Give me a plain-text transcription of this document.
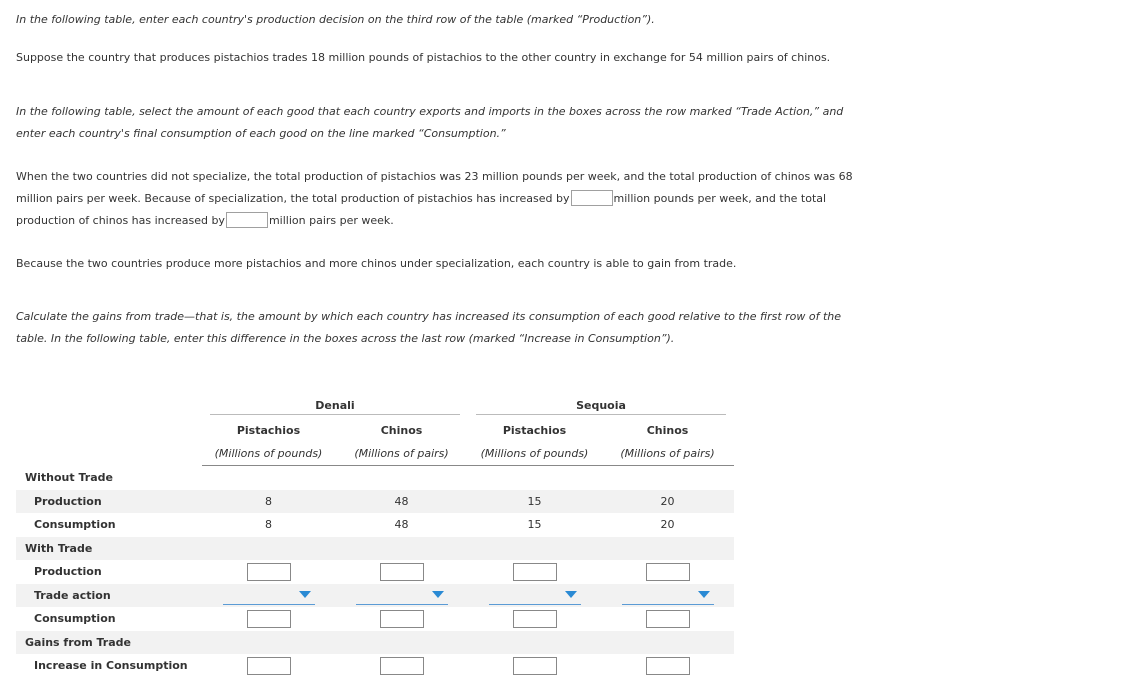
In the following table, enter each country's production decision on the third row of the table (marked “Production”).

Suppose the country that produces pistachios trades 18 million pounds of pistachios to the other country in exchange for 54 million pairs of chinos.

In the following table, select the amount of each good that each country exports and imports in the boxes across the row marked “Trade Action,” and enter each country's final consumption of each good on the line marked “Consumption.”

When the two countries did not specialize, the total production of pistachios was 23 million pounds per week, and the total production of chinos was 68 million pairs per week. Because of specialization, the total production of pistachios has increased by	million pounds per week, and the total production of chinos has increased by	million pairs per week.

Because the two countries produce more pistachios and more chinos under specialization, each country is able to gain from trade.

Calculate the gains from trade—that is, the amount by which each country has increased its consumption of each good relative to the first row of the table. In the following table, enter this difference in the boxes across the last row (marked “Increase in Consumption”).

	Denali		Sequoia	

	Pistachios	Chinos	Pistachios	Chinos
	(Millions of pounds)	(Millions of pairs)	(Millions of pounds)	(Millions of pairs)
Without Trade				
Production	8	48	15	20
Consumption	8	48	15	20
With Trade				
Production	

Trade action	

Consumption	

Gains from Trade				
Increase in Consumption	
